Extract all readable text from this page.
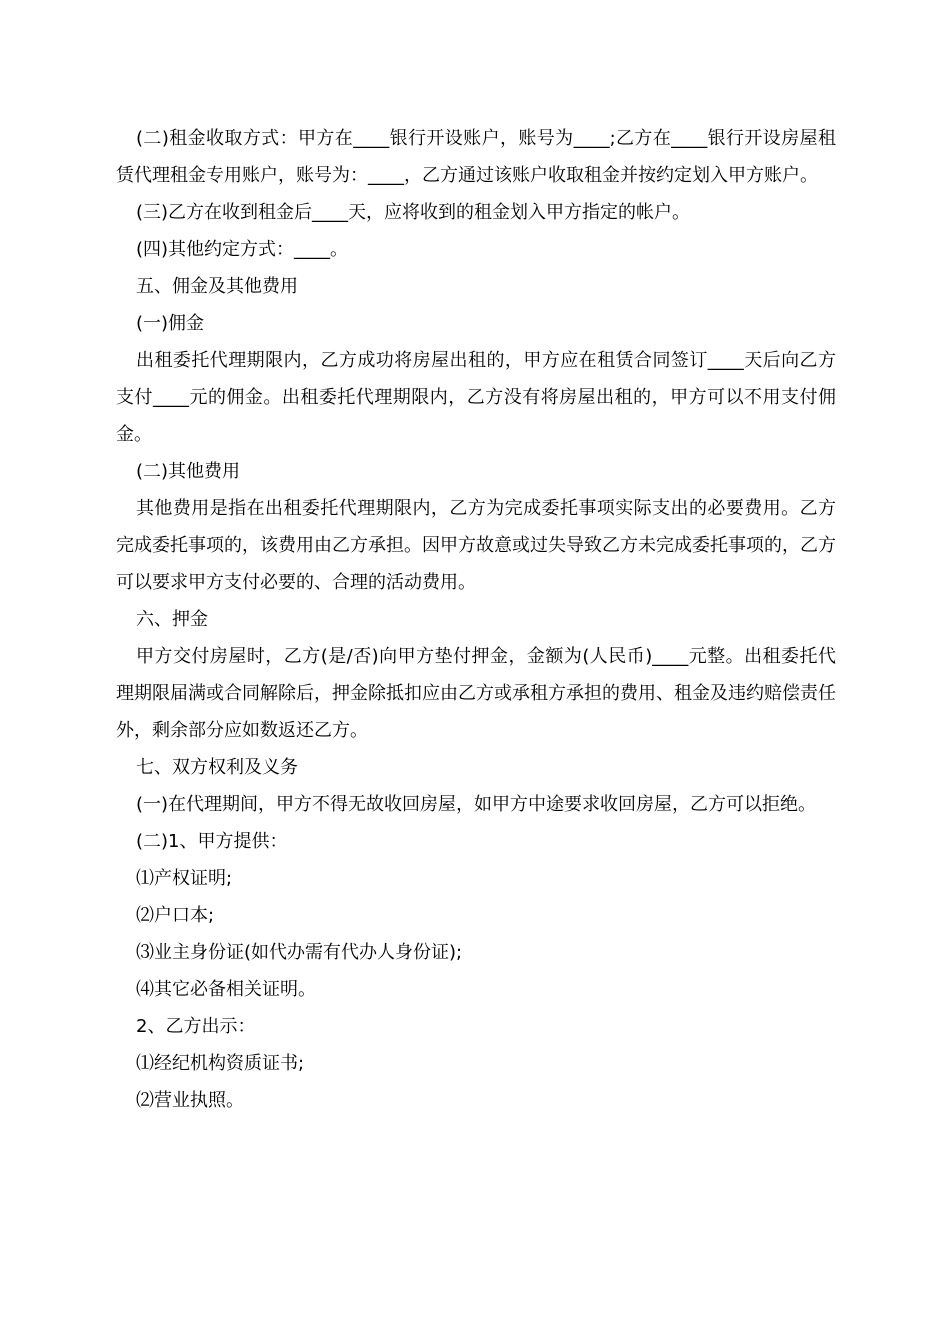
(二)租金收取方式：甲方在____银行开设账户，账号为____;乙方在____银行开设房屋租赁代理租金专用账户，账号为：____，乙方通过该账户收取租金并按约定划入甲方账户。

(三)乙方在收到租金后____天，应将收到的租金划入甲方指定的帐户。

(四)其他约定方式：____。

五、佣金及其他费用

(一)佣金

出租委托代理期限内，乙方成功将房屋出租的，甲方应在租赁合同签订____天后向乙方支付____元的佣金。出租委托代理期限内，乙方没有将房屋出租的，甲方可以不用支付佣金。

(二)其他费用

其他费用是指在出租委托代理期限内，乙方为完成委托事项实际支出的必要费用。乙方完成委托事项的，该费用由乙方承担。因甲方故意或过失导致乙方未完成委托事项的，乙方可以要求甲方支付必要的、合理的活动费用。

六、押金

甲方交付房屋时，乙方(是/否)向甲方垫付押金，金额为(人民币)____元整。出租委托代理期限届满或合同解除后，押金除抵扣应由乙方或承租方承担的费用、租金及违约赔偿责任外，剩余部分应如数返还乙方。

七、双方权利及义务

(一)在代理期间，甲方不得无故收回房屋，如甲方中途要求收回房屋，乙方可以拒绝。

(二)1、甲方提供：

⑴产权证明;

⑵户口本;

⑶业主身份证(如代办需有代办人身份证);

⑷其它必备相关证明。

2、乙方出示：

⑴经纪机构资质证书;

⑵营业执照。
